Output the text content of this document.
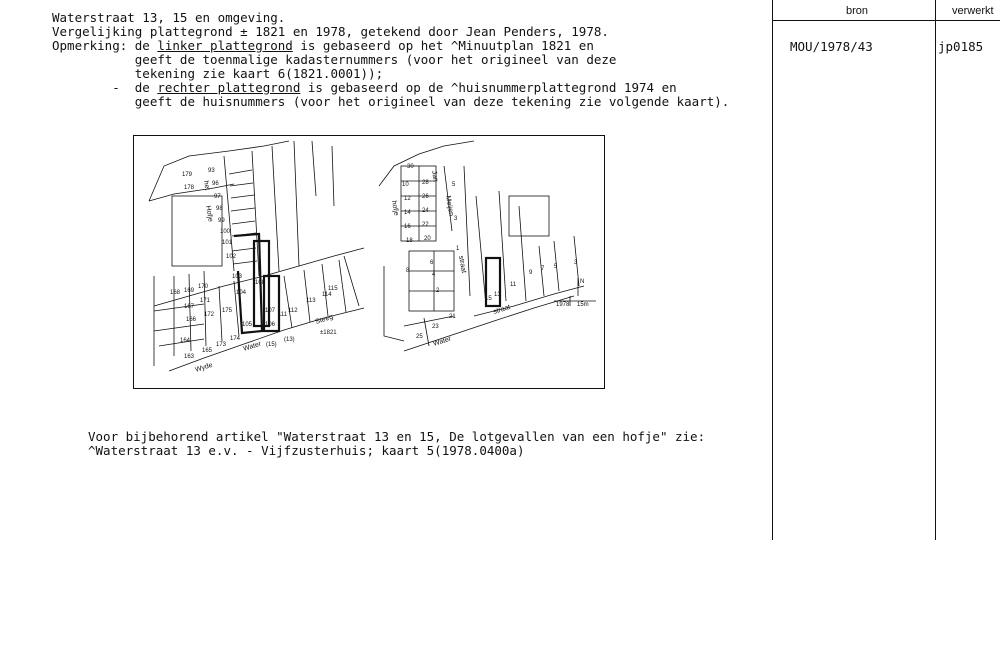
Waterstraat 13, 15 en omgeving.
Vergelijking plattegrond ± 1821 en 1978, getekend door Jean Penders, 1978.
Opmerking: de linker plattegrond is gebaseerd op het ^Minuutplan 1821 en
geeft de toenmalige kadasternummers (voor het origineel van deze
tekening zie kaart 6(1821.0001));
-  de rechter plattegrond is gebaseerd op de ^huisnummerplattegrond 1974 en
geeft de huisnummers (voor het origineel van deze tekening zie volgende kaart).
bron	verwerkt
MOU/1978/43	jp0185
179
93
178
96
97
98
99
100
101
102
103
104
105
168 169
170
167
171
166
172
175
164
163
165
173
174
112
113
114
115
108
107
106
111
Wyde
Water
Steeg
het
Hofje
(13)
(15)
±1821
30
10 28
26
12
14 24
16 22
18 20
5
3
1
6
4
8
2
25
23
21
15
13
11
9
7 5
3
Jan
Meijen
straat
Water
straat
hofje
1978 15m
N
Voor bijbehorend artikel "Waterstraat 13 en 15, De lotgevallen van een hofje" zie:
^Waterstraat 13 e.v. - Vijfzusterhuis; kaart 5(1978.0400a)
